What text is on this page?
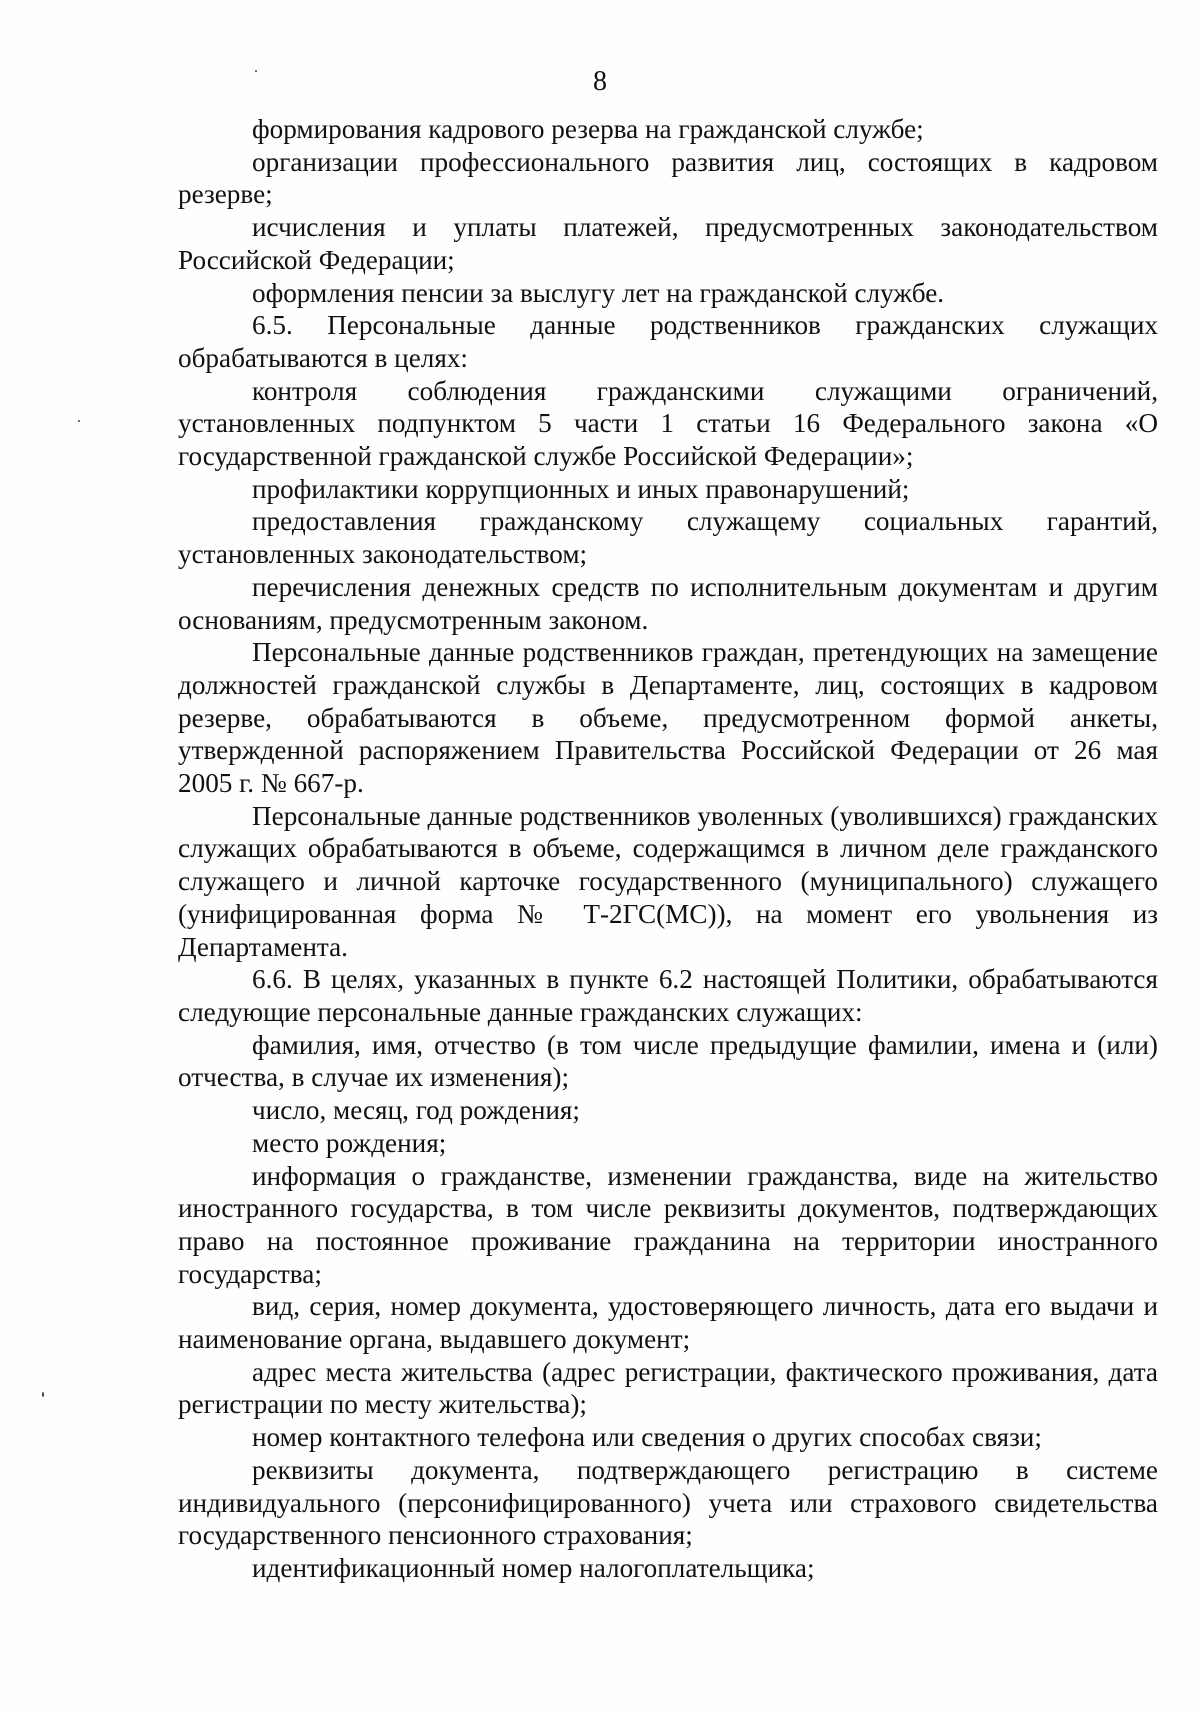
8

формирования кадрового резерва на гражданской службе;

организации профессионального развития лиц, состоящих в кадровом резерве;

исчисления и уплаты платежей, предусмотренных законодательством Российской Федерации;

оформления пенсии за выслугу лет на гражданской службе.

6.5. Персональные данные родственников гражданских служащих обрабатываются в целях:

контроля соблюдения гражданскими служащими ограничений, установленных подпунктом 5 части 1 статьи 16 Федерального закона «О государственной гражданской службе Российской Федерации»;

профилактики коррупционных и иных правонарушений;

предоставления гражданскому служащему социальных гарантий, установленных законодательством;

перечисления денежных средств по исполнительным документам и другим основаниям, предусмотренным законом.

Персональные данные родственников граждан, претендующих на замещение должностей гражданской службы в Департаменте, лиц, состоящих в кадровом резерве, обрабатываются в объеме, предусмотренном формой анкеты, утвержденной распоряжением Правительства Российской Федерации от 26 мая 2005 г. № 667-р.

Персональные данные родственников уволенных (уволившихся) гражданских служащих обрабатываются в объеме, содержащимся в личном деле гражданского служащего и личной карточке государственного (муниципального) служащего (унифицированная форма № Т-2ГС(МС)), на момент его увольнения из Департамента.

6.6. В целях, указанных в пункте 6.2 настоящей Политики, обрабатываются следующие персональные данные гражданских служащих:

фамилия, имя, отчество (в том числе предыдущие фамилии, имена и (или) отчества, в случае их изменения);

число, месяц, год рождения;

место рождения;

информация о гражданстве, изменении гражданства, виде на жительство иностранного государства, в том числе реквизиты документов, подтверждающих право на постоянное проживание гражданина на территории иностранного государства;

вид, серия, номер документа, удостоверяющего личность, дата его выдачи и наименование органа, выдавшего документ;

адрес места жительства (адрес регистрации, фактического проживания, дата регистрации по месту жительства);

номер контактного телефона или сведения о других способах связи;

реквизиты документа, подтверждающего регистрацию в системе индивидуального (персонифицированного) учета или страхового свидетельства государственного пенсионного страхования;

идентификационный номер налогоплательщика;
